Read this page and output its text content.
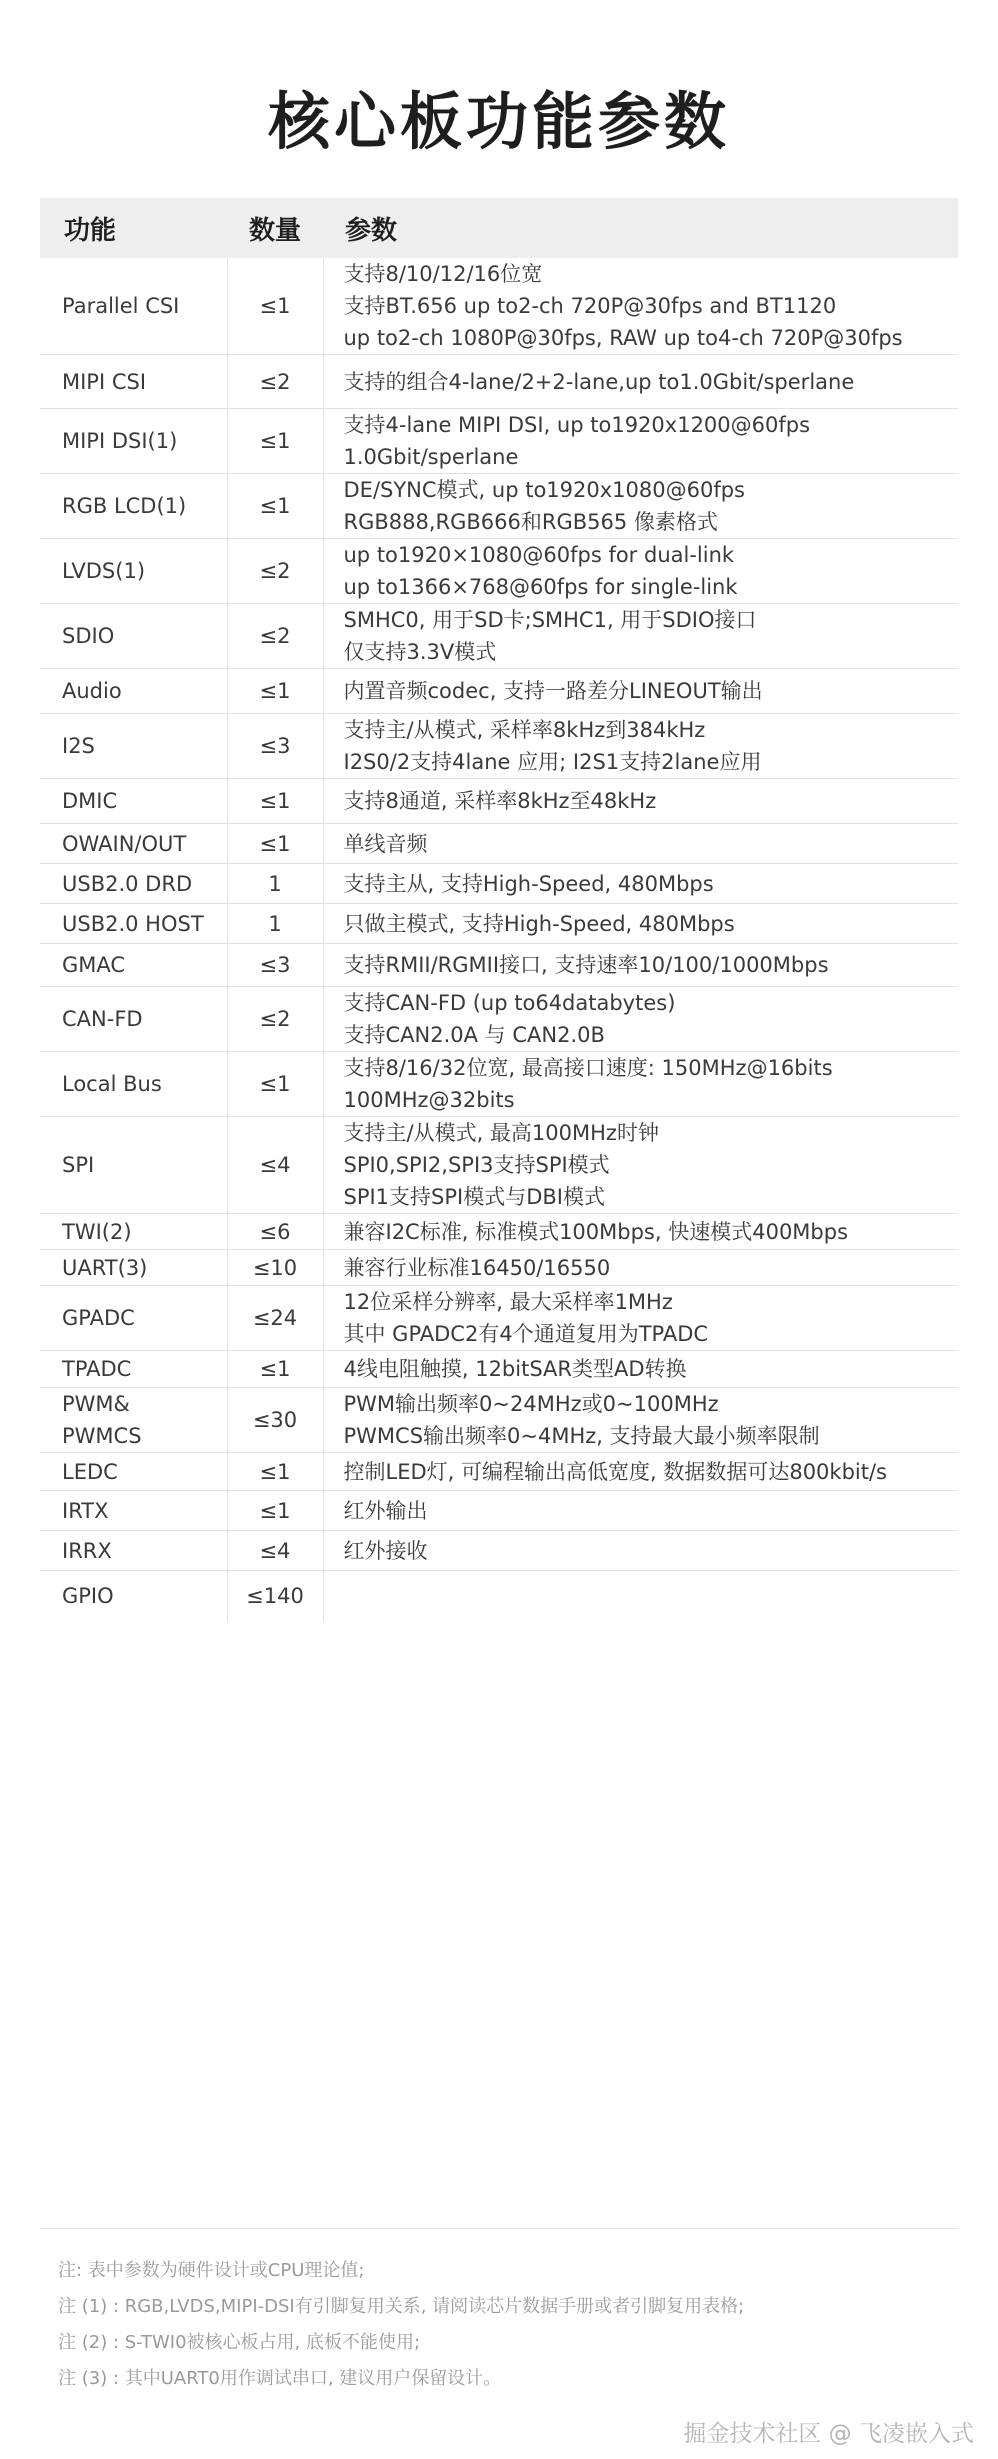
核心板功能参数
功能	数量	参数
Parallel CSI	≤1	支持8/10/12/16位宽
支持BT.656 up to2-ch 720P@30fps and BT1120
up to2-ch 1080P@30fps, RAW up to4-ch 720P@30fps

MIPI CSI	≤2	支持的组合4-lane/2+2-lane,up to1.0Gbit/sperlane

MIPI DSI(1)	≤1	支持4-lane MIPI DSI, up to1920x1200@60fps
1.0Gbit/sperlane

RGB LCD(1)	≤1	DE/SYNC模式, up to1920x1080@60fps
RGB888,RGB666和RGB565 像素格式

LVDS(1)	≤2	up to1920×1080@60fps for dual-link
up to1366×768@60fps for single-link

SDIO	≤2	SMHC0, 用于SD卡;SMHC1, 用于SDIO接口
仅支持3.3V模式

Audio	≤1	内置音频codec, 支持一路差分LINEOUT输出

I2S	≤3	支持主/从模式, 采样率8kHz到384kHz
I2S0/2支持4lane 应用; I2S1支持2lane应用

DMIC	≤1	支持8通道, 采样率8kHz至48kHz

OWAIN/OUT	≤1	单线音频

USB2.0 DRD	1	支持主从, 支持High-Speed, 480Mbps

USB2.0 HOST	1	只做主模式, 支持High-Speed, 480Mbps

GMAC	≤3	支持RMII/RGMII接口, 支持速率10/100/1000Mbps

CAN-FD	≤2	支持CAN-FD (up to64databytes)
支持CAN2.0A 与 CAN2.0B

Local Bus	≤1	支持8/16/32位宽, 最高接口速度: 150MHz@16bits
100MHz@32bits

SPI	≤4	支持主/从模式, 最高100MHz时钟
SPI0,SPI2,SPI3支持SPI模式
SPI1支持SPI模式与DBI模式

TWI(2)	≤6	兼容I2C标准, 标准模式100Mbps, 快速模式400Mbps

UART(3)	≤10	兼容行业标准16450/16550

GPADC	≤24	12位采样分辨率, 最大采样率1MHz
其中 GPADC2有4个通道复用为TPADC

TPADC	≤1	4线电阻触摸, 12bitSAR类型AD转换

PWM&
PWMCS	≤30	PWM输出频率0~24MHz或0~100MHz
PWMCS输出频率0~4MHz, 支持最大最小频率限制

LEDC	≤1	控制LED灯, 可编程输出高低宽度, 数据数据可达800kbit/s

IRTX	≤1	红外输出

IRRX	≤4	红外接收

GPIO	≤140	
注: 表中参数为硬件设计或CPU理论值;
注 (1) : RGB,LVDS,MIPI-DSI有引脚复用关系, 请阅读芯片数据手册或者引脚复用表格;
注 (2) : S-TWI0被核心板占用, 底板不能使用;
注 (3) : 其中UART0用作调试串口, 建议用户保留设计。
掘金技术社区 @ 飞凌嵌入式
